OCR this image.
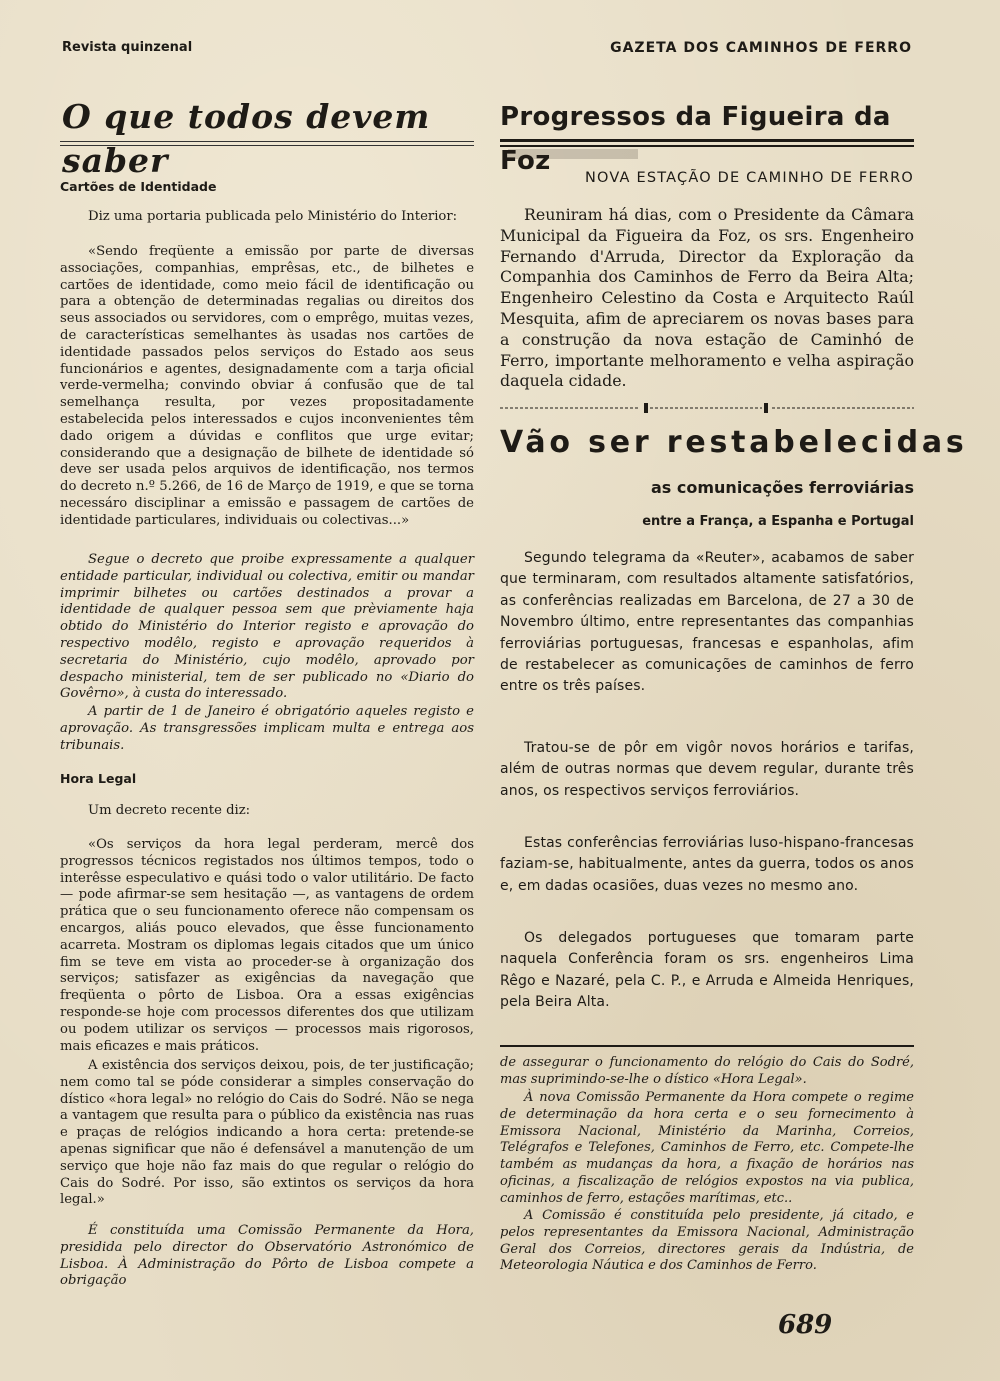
Revista quinzenal	GAZETA DOS CAMINHOS DE FERRO
O que todos devem saber
Cartões de Identidade

Diz uma portaria publicada pelo Ministério do Interior:

«Sendo freqüente a emissão por parte de diversas associações, companhias, emprêsas, etc., de bilhetes e cartões de identidade, como meio fácil de identificação ou para a obtenção de determinadas regalias ou direitos dos seus associados ou servidores, com o emprêgo, muitas vezes, de características semelhantes às usadas nos cartões de identidade passados pelos serviços do Estado aos seus funcionários e agentes, designadamente com a tarja oficial verde-vermelha; convindo obviar á confusão que de tal semelhança resulta, por vezes propositadamente estabelecida pelos interessados e cujos inconvenientes têm dado origem a dúvidas e conflitos que urge evitar; considerando que a designação de bilhete de identidade só deve ser usada pelos arquivos de identificação, nos termos do decreto n.º 5.266, de 16 de Março de 1919, e que se torna necessáro disciplinar a emissão e passagem de cartões de identidade particulares, individuais ou colectivas...»

Segue o decreto que proibe expressamente a qualquer entidade particular, individual ou colectiva, emitir ou mandar imprimir bilhetes ou cartões destinados a provar a identidade de qualquer pessoa sem que prèviamente haja obtido do Ministério do Interior registo e aprovação do respectivo modêlo, registo e aprovação requeridos à secretaria do Ministério, cujo modêlo, aprovado por despacho ministerial, tem de ser publicado no «Diario do Govêrno», à custa do interessado.

A partir de 1 de Janeiro é obrigatório aqueles registo e aprovação. As transgressões implicam multa e entrega aos tribunais.

Hora Legal

Um decreto recente diz:

«Os serviços da hora legal perderam, mercê dos progressos técnicos registados nos últimos tempos, todo o interêsse especulativo e quási todo o valor utilitário. De facto — pode afirmar-se sem hesitação —, as vantagens de ordem prática que o seu funcionamento oferece não compensam os encargos, aliás pouco elevados, que êsse funcionamento acarreta. Mostram os diplomas legais citados que um único fim se teve em vista ao proceder-se à organização dos serviços; satisfazer as exigências da navegação que freqüenta o pôrto de Lisboa. Ora a essas exigências responde-se hoje com processos diferentes dos que utilizam ou podem utilizar os serviços — processos mais rigorosos, mais eficazes e mais práticos.

A existência dos serviços deixou, pois, de ter justificação; nem como tal se póde considerar a simples conservação do dístico «hora legal» no relógio do Cais do Sodré. Não se nega a vantagem que resulta para o público da existência nas ruas e praças de relógios indicando a hora certa: pretende-se apenas significar que não é defensável a manutenção de um serviço que hoje não faz mais do que regular o relógio do Cais do Sodré. Por isso, são extintos os serviços da hora legal.»

É constituída uma Comissão Permanente da Hora, presidida pelo director do Observatório Astronómico de Lisboa. À Administração do Pôrto de Lisboa compete a obrigação

Progressos da Figueira da Foz
NOVA ESTAÇÃO DE CAMINHO DE FERRO

Reuniram há dias, com o Presidente da Câmara Municipal da Figueira da Foz, os srs. Engenheiro Fernando d'Arruda, Director da Exploração da Companhia dos Caminhos de Ferro da Beira Alta; Engenheiro Celestino da Costa e Arquitecto Raúl Mesquita, afim de apreciarem os novas bases para a construção da nova estação de Caminhó de Ferro, importante melhoramento e velha aspiração daquela cidade.

Vão ser restabelecidas
as comunicações ferroviárias
entre a França, a Espanha e Portugal

Segundo telegrama da «Reuter», acabamos de saber que terminaram, com resultados altamente satisfatórios, as conferências realizadas em Barcelona, de 27 a 30 de Novembro último, entre representantes das companhias ferroviárias portuguesas, francesas e espanholas, afim de restabelecer as comunicações de caminhos de ferro entre os três países.

Tratou-se de pôr em vigôr novos horários e tarifas, além de outras normas que devem regular, durante três anos, os respectivos serviços ferroviários.

Estas conferências ferroviárias luso-hispano-francesas faziam-se, habitualmente, antes da guerra, todos os anos e, em dadas ocasiões, duas vezes no mesmo ano.

Os delegados portugueses que tomaram parte naquela Conferência foram os srs. engenheiros Lima Rêgo e Nazaré, pela C. P., e Arruda e Almeida Henriques, pela Beira Alta.

de assegurar o funcionamento do relógio do Cais do Sodré, mas suprimindo-se-lhe o dístico «Hora Legal».

À nova Comissão Permanente da Hora compete o regime de determinação da hora certa e o seu fornecimento à Emissora Nacional, Ministério da Marinha, Correios, Telégrafos e Telefones, Caminhos de Ferro, etc. Compete-lhe também as mudanças da hora, a fixação de horários nas oficinas, a fiscalização de relógios expostos na via publica, caminhos de ferro, estações marítimas, etc..

A Comissão é constituída pelo presidente, já citado, e pelos representantes da Emissora Nacional, Administração Geral dos Correios, directores gerais da Indústria, de Meteorologia Náutica e dos Caminhos de Ferro.

689
